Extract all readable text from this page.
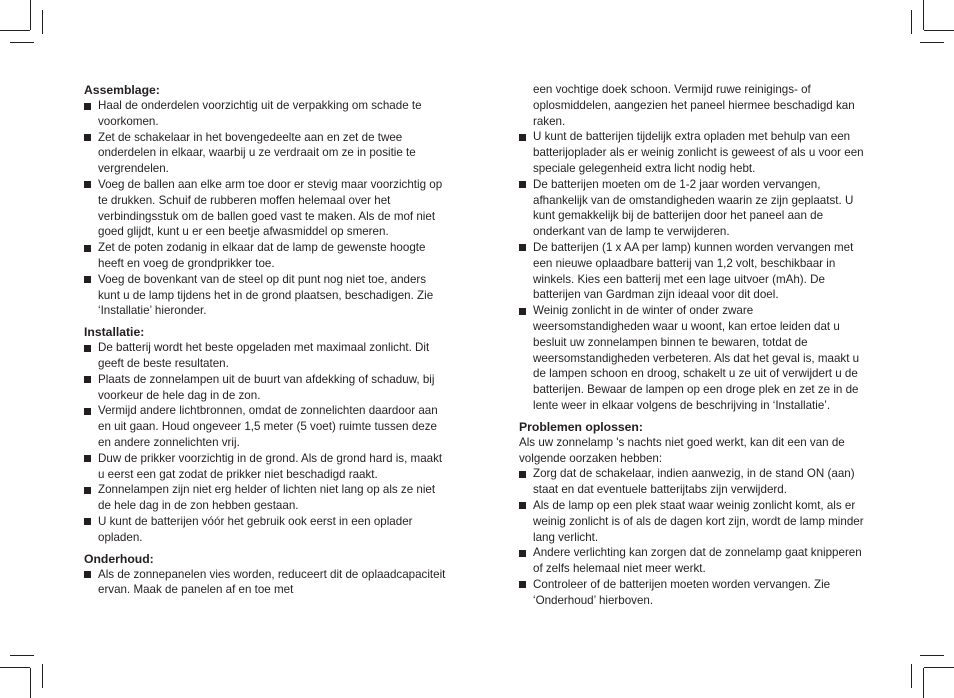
Assemblage:
Haal de onderdelen voorzichtig uit de verpakking om schade te voorkomen.
Zet de schakelaar in het bovengedeelte aan en zet de twee onderdelen in elkaar, waarbij u ze verdraait om ze in positie te vergrendelen.
Voeg de ballen aan elke arm toe door er stevig maar voorzichtig op te drukken. Schuif de rubberen moffen helemaal over het verbindingsstuk om de ballen goed vast te maken. Als de mof niet goed glijdt, kunt u er een beetje afwasmiddel op smeren.
Zet de poten zodanig in elkaar dat de lamp de gewenste hoogte heeft en voeg de grondprikker toe.
Voeg de bovenkant van de steel op dit punt nog niet toe, anders kunt u de lamp tijdens het in de grond plaatsen, beschadigen. Zie ‘Installatie’ hieronder.
Installatie:
De batterij wordt het beste opgeladen met maximaal zonlicht. Dit geeft de beste resultaten.
Plaats de zonnelampen uit de buurt van afdekking of schaduw, bij voorkeur de hele dag in de zon.
Vermijd andere lichtbronnen, omdat de zonnelichten daardoor aan en uit gaan. Houd ongeveer 1,5 meter (5 voet) ruimte tussen deze en andere zonnelichten vrij.
Duw de prikker voorzichtig in de grond. Als de grond hard is, maakt u eerst een gat zodat de prikker niet beschadigd raakt.
Zonnelampen zijn niet erg helder of lichten niet lang op als ze niet de hele dag in de zon hebben gestaan.
U kunt de batterijen vóór het gebruik ook eerst in een oplader opladen.
Onderhoud:
Als de zonnepanelen vies worden, reduceert dit de oplaadcapaciteit ervan. Maak de panelen af en toe met

een vochtige doek schoon. Vermijd ruwe reinigings- of oplosmiddelen, aangezien het paneel hiermee beschadigd kan raken.

U kunt de batterijen tijdelijk extra opladen met behulp van een batterijoplader als er weinig zonlicht is geweest of als u voor een speciale gelegenheid extra licht nodig hebt.
De batterijen moeten om de 1-2 jaar worden vervangen, afhankelijk van de omstandigheden waarin ze zijn geplaatst. U kunt gemakkelijk bij de batterijen door het paneel aan de onderkant van de lamp te verwijderen.
De batterijen (1 x AA per lamp) kunnen worden vervangen met een nieuwe oplaadbare batterij van 1,2 volt, beschikbaar in winkels. Kies een batterij met een lage uitvoer (mAh). De batterijen van Gardman zijn ideaal voor dit doel.
Weinig zonlicht in de winter of onder zware weersomstandigheden waar u woont, kan ertoe leiden dat u besluit uw zonnelampen binnen te bewaren, totdat de weersomstandigheden verbeteren. Als dat het geval is, maakt u de lampen schoon en droog, schakelt u ze uit of verwijdert u de batterijen. Bewaar de lampen op een droge plek en zet ze in de lente weer in elkaar volgens de beschrijving in ‘Installatie’.
Problemen oplossen:

Als uw zonnelamp 's nachts niet goed werkt, kan dit een van de volgende oorzaken hebben:

Zorg dat de schakelaar, indien aanwezig, in de stand ON (aan) staat en dat eventuele batterijtabs zijn verwijderd.
Als de lamp op een plek staat waar weinig zonlicht komt, als er weinig zonlicht is of als de dagen kort zijn, wordt de lamp minder lang verlicht.
Andere verlichting kan zorgen dat de zonnelamp gaat knipperen of zelfs helemaal niet meer werkt.
Controleer of de batterijen moeten worden vervangen. Zie ‘Onderhoud’ hierboven.
